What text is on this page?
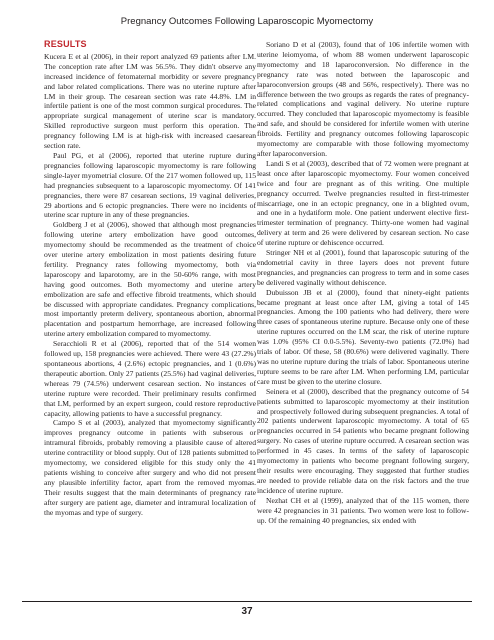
Pregnancy Outcomes Following Laparoscopic Myomectomy
RESULTS

Kucera E et al (2006), in their report analyzed 69 patients after LM. The conception rate after LM was 56.5%. They didn't observe any increased incidence of fetomaternal morbidity or severe pregnancy and labor related complications. There was no uterine rupture after LM in their group. The cesarean section was rate 44.8%. LM in infertile patient is one of the most common surgical procedures. The appropriate surgical management of uterine scar is mandatory. Skilled reproductive surgeon must perform this operation. The pregnancy following LM is at high-risk with increased caesarean section rate.

Paul PG, et al (2006), reported that uterine rupture during pregnancies following laparoscopic myomectomy is rare following single-layer myometrial closure. Of the 217 women followed up, 115 had pregnancies subsequent to a laparoscopic myomectomy. Of 141 pregnancies, there were 87 cesarean sections, 19 vaginal deliveries, 29 abortions and 6 ectopic pregnancies. There were no incidents of uterine scar rupture in any of these pregnancies.

Goldberg J et al (2006), showed that although most pregnancies following uterine artery embolization have good outcomes, myomectomy should be recommended as the treatment of choice over uterine artery embolization in most patients desiring future fertility. Pregnancy rates following myomectomy, both via laparoscopy and laparotomy, are in the 50-60% range, with most having good outcomes. Both myomectomy and uterine artery embolization are safe and effective fibroid treatments, which should be discussed with appropriate candidates. Pregnancy complications, most importantly preterm delivery, spontaneous abortion, abnormal placentation and postpartum hemorrhage, are increased following uterine artery embolization compared to myomectomy.

Seracchioli R et al (2006), reported that of the 514 women followed up, 158 pregnancies were achieved. There were 43 (27.2%) spontaneous abortions, 4 (2.6%) ectopic pregnancies, and 1 (0.6%) therapeutic abortion. Only 27 patients (25.5%) had vaginal deliveries, whereas 79 (74.5%) underwent cesarean section. No instances of uterine rupture were recorded. Their preliminary results confirmed that LM, performed by an expert surgeon, could restore reproductive capacity, allowing patients to have a successful pregnancy.

Campo S et al (2003), analyzed that myomectomy significantly improves pregnancy outcome in patients with subserous or intramural fibroids, probably removing a plausible cause of altered uterine contractility or blood supply. Out of 128 patients submitted to myomectomy, we considered eligible for this study only the 41 patients wishing to conceive after surgery and who did not present any plausible infertility factor, apart from the removed myomas. Their results suggest that the main determinants of pregnancy rate after surgery are patient age, diameter and intramural localization of the myomas and type of surgery.

Soriano D et al (2003), found that of 106 infertile women with uterine leiomyoma, of whom 88 women underwent laparoscopic myomectomy and 18 laparoconversion. No difference in the pregnancy rate was noted between the laparoscopic and laparoconversion groups (48 and 56%, respectively). There was no difference between the two groups as regards the rates of pregnancy-related complications and vaginal delivery. No uterine rupture occurred. They concluded that laparoscopic myomectomy is feasible and safe, and should be considered for infertile women with uterine fibroids. Fertility and pregnancy outcomes following laparoscopic myomectomy are comparable with those following myomectomy after laparoconversion.

Landi S et al (2003), described that of 72 women were pregnant at least once after laparoscopic myomectomy. Four women conceived twice and four are pregnant as of this writing. One multiple pregnancy occurred. Twelve pregnancies resulted in first-trimester miscarriage, one in an ectopic pregnancy, one in a blighted ovum, and one in a hydatiform mole. One patient underwent elective first-trimester termination of pregnancy. Thirty-one women had vaginal delivery at term and 26 were delivered by cesarean section. No case of uterine rupture or dehiscence occurred.

Stringer NH et al (2001), found that laparoscopic suturing of the endometrial cavity in three layers does not prevent future pregnancies, and pregnancies can progress to term and in some cases be delivered vaginally without dehiscence.

Dubuisson JB et al (2000), found that ninety-eight patients became pregnant at least once after LM, giving a total of 145 pregnancies. Among the 100 patients who had delivery, there were three cases of spontaneous uterine rupture. Because only one of these uterine ruptures occurred on the LM scar, the risk of uterine rupture was 1.0% (95% CI 0.0-5.5%). Seventy-two patients (72.0%) had trials of labor. Of these, 58 (80.6%) were delivered vaginally. There was no uterine rupture during the trials of labor. Spontaneous uterine rupture seems to be rare after LM. When performing LM, particular care must be given to the uterine closure.

Seinera et al (2000), described that the pregnancy outcome of 54 patients submitted to laparoscopic myomectomy at their institution and prospectively followed during subsequent pregnancies. A total of 202 patients underwent laparoscopic myomectomy. A total of 65 pregnancies occurred in 54 patients who became pregnant following surgery. No cases of uterine rupture occurred. A cesarean section was performed in 45 cases. In terms of the safety of laparoscopic myomectomy in patients who become pregnant following surgery, their results were encouraging. They suggested that further studies are needed to provide reliable data on the risk factors and the true incidence of uterine rupture.

Nezhat CH et al (1999), analyzed that of the 115 women, there were 42 pregnancies in 31 patients. Two women were lost to follow-up. Of the remaining 40 pregnancies, six ended with

37
